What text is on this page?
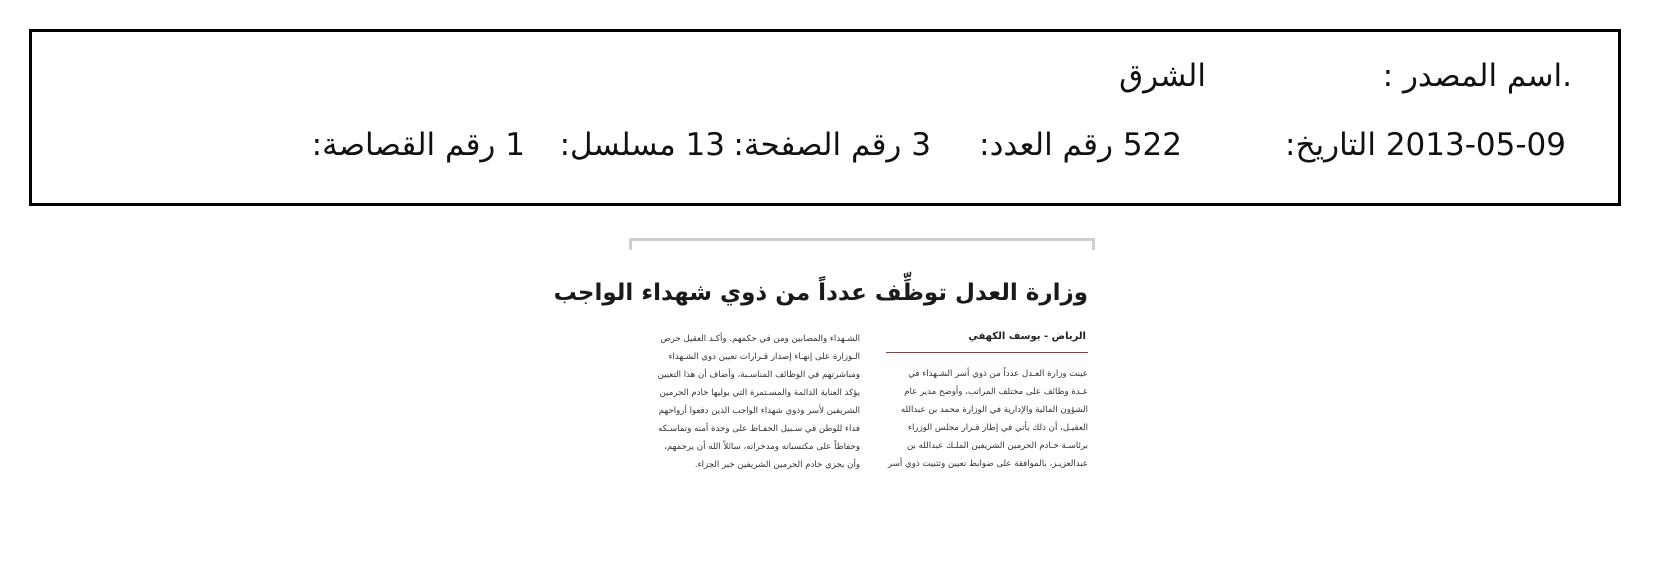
.اسم المصدر :
الشرق
التاريخ: 2013-05-09
رقم العدد: 522
رقم الصفحة: 3
مسلسل: 13
رقم القصاصة: 1
وزارة العدل توظِّف عدداً من ذوي شهداء الواجب
الرياض - يوسف الكهفي
عينت وزارة العـدل عدداً من ذوي أسر الشـهداء في
عـدة وظائف على مختلف المراتب، وأوضح مدير عام
الشؤون المالية والإدارية في الوزارة محمد بن عبدالله
العقيـل، أن ذلك يأتي في إطار قـرار مجلس الوزراء
برئاسـة خـادم الحرمين الشريفين الملـك عبدالله بن
عبدالعزيـز، بالموافقة على ضوابط تعيين وتثبيت ذوي أسر
الشـهداء والمصابين ومن في حكمهم. وأكـد العقيل حرص
الـوزارة على إنهـاء إصدار قـرارات تعيين ذوي الشـهداء
ومباشرتهم في الوظائف المناسـبة، وأضاف أن هذا التعيين
يؤكد العناية الدائمة والمسـتمرة التي يوليها خادم الحرمين
الشريفين لأسر وذوي شهداء الواجب الذين دفعوا أرواحهم
فداء للوطن في سـبيل الحفـاظ على وحدة أمنه وتماسـكه
وحفاظاً على مكتسباته ومدخراته، سائلاً الله أن يرحمهم،
وأن يجزي خادم الحرمين الشريفين خير الجزاء.
